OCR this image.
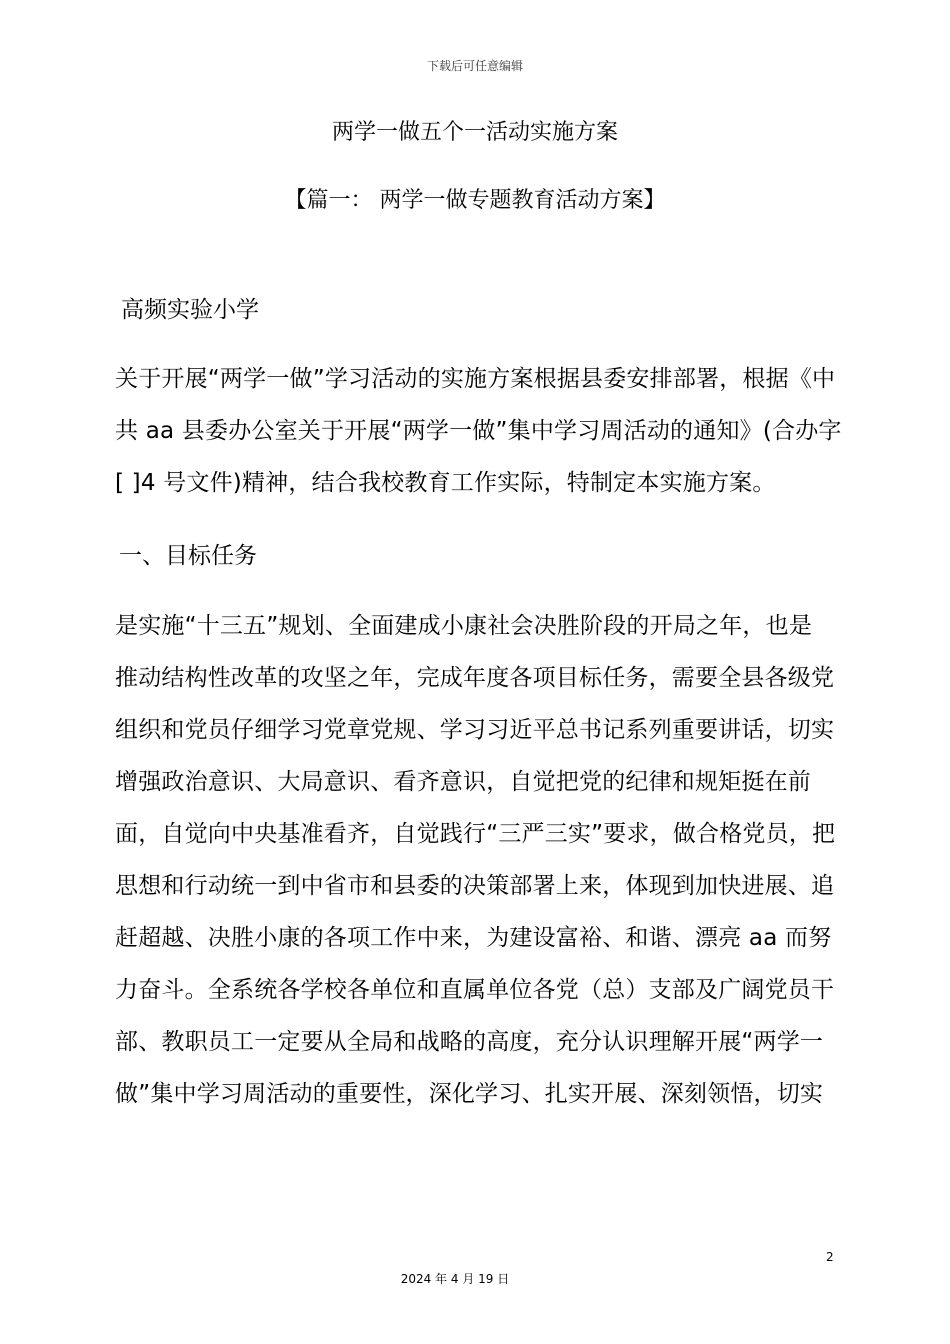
下载后可任意编辑
两学一做五个一活动实施方案
【篇一： 两学一做专题教育活动方案】
高频实验小学
关于开展“两学一做”学习活动的实施方案根据县委安排部署，根据《中
共 aa 县委办公室关于开展“两学一做”集中学习周活动的通知》(合办字
[ ]4 号文件)精神，结合我校教育工作实际，特制定本实施方案。
一、目标任务
是实施“十三五”规划、全面建成小康社会决胜阶段的开局之年，也是
推动结构性改革的攻坚之年，完成年度各项目标任务，需要全县各级党
组织和党员仔细学习党章党规、学习习近平总书记系列重要讲话，切实
增强政治意识、大局意识、看齐意识，自觉把党的纪律和规矩挺在前
面，自觉向中央基准看齐，自觉践行“三严三实”要求，做合格党员，把
思想和行动统一到中省市和县委的决策部署上来，体现到加快进展、追
赶超越、决胜小康的各项工作中来，为建设富裕、和谐、漂亮 aa 而努
力奋斗。全系统各学校各单位和直属单位各党（总）支部及广阔党员干
部、教职员工一定要从全局和战略的高度，充分认识理解开展“两学一
做”集中学习周活动的重要性，深化学习、扎实开展、深刻领悟，切实
2
2024 年 4 月 19 日
